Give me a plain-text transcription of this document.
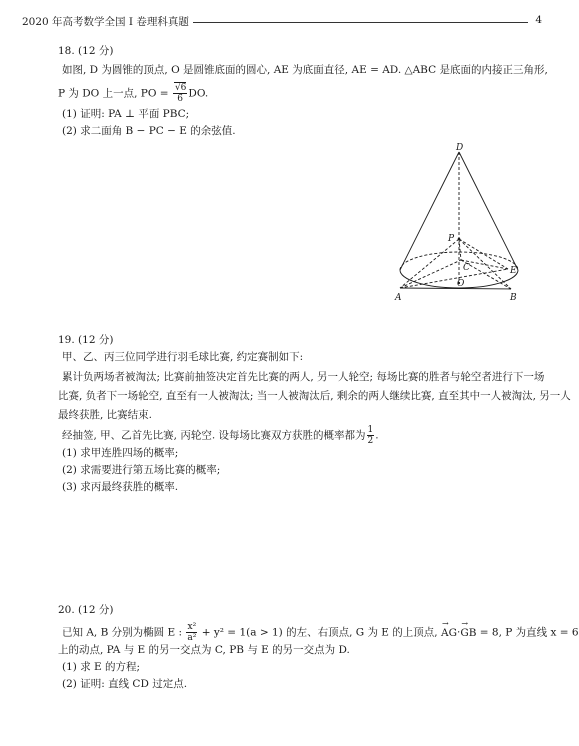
2020 年高考数学全国 I 卷理科真题	4
18. (12 分)
如图, D 为圆锥的顶点, O 是圆锥底面的圆心, AE 为底面直径, AE = AD. △ABC 是底面的内接正三角形,
P 为 DO 上一点, PO = $\frac{√6}{6}$ DO.
(1) 证明: PA ⊥ 平面 PBC;
(2) 求二面角 B − PC − E 的余弦值.
D
P
C
O
E
A	B
19. (12 分)
甲、乙、丙三位同学进行羽毛球比赛, 约定赛制如下:
累计负两场者被淘汰; 比赛前抽签决定首先比赛的两人, 另一人轮空; 每场比赛的胜者与轮空者进行下一场
比赛, 负者下一场轮空, 直至有一人被淘汰; 当一人被淘汰后, 剩余的两人继续比赛, 直至其中一人被淘汰, 另一人
最终获胜, 比赛结束.
经抽签, 甲、乙首先比赛, 丙轮空. 设每场比赛双方获胜的概率都为 $\frac{1}{2}$ .
(1) 求甲连胜四场的概率;
(2) 求需要进行第五场比赛的概率;
(3) 求丙最终获胜的概率.
20. (12 分)
已知 A, B 分别为椭圆 E : $\frac{\text{x²}}{\text{a²}} + y^2 = 1(a > 1)$ 的左、右顶点, G 为 E 的上顶点, → AG·→ GB = 8, P 为直线 x = 6
上的动点, PA 与 E 的另一交点为 C, PB 与 E 的另一交点为 D.
(1) 求 E 的方程;
(2) 证明: 直线 CD 过定点.
